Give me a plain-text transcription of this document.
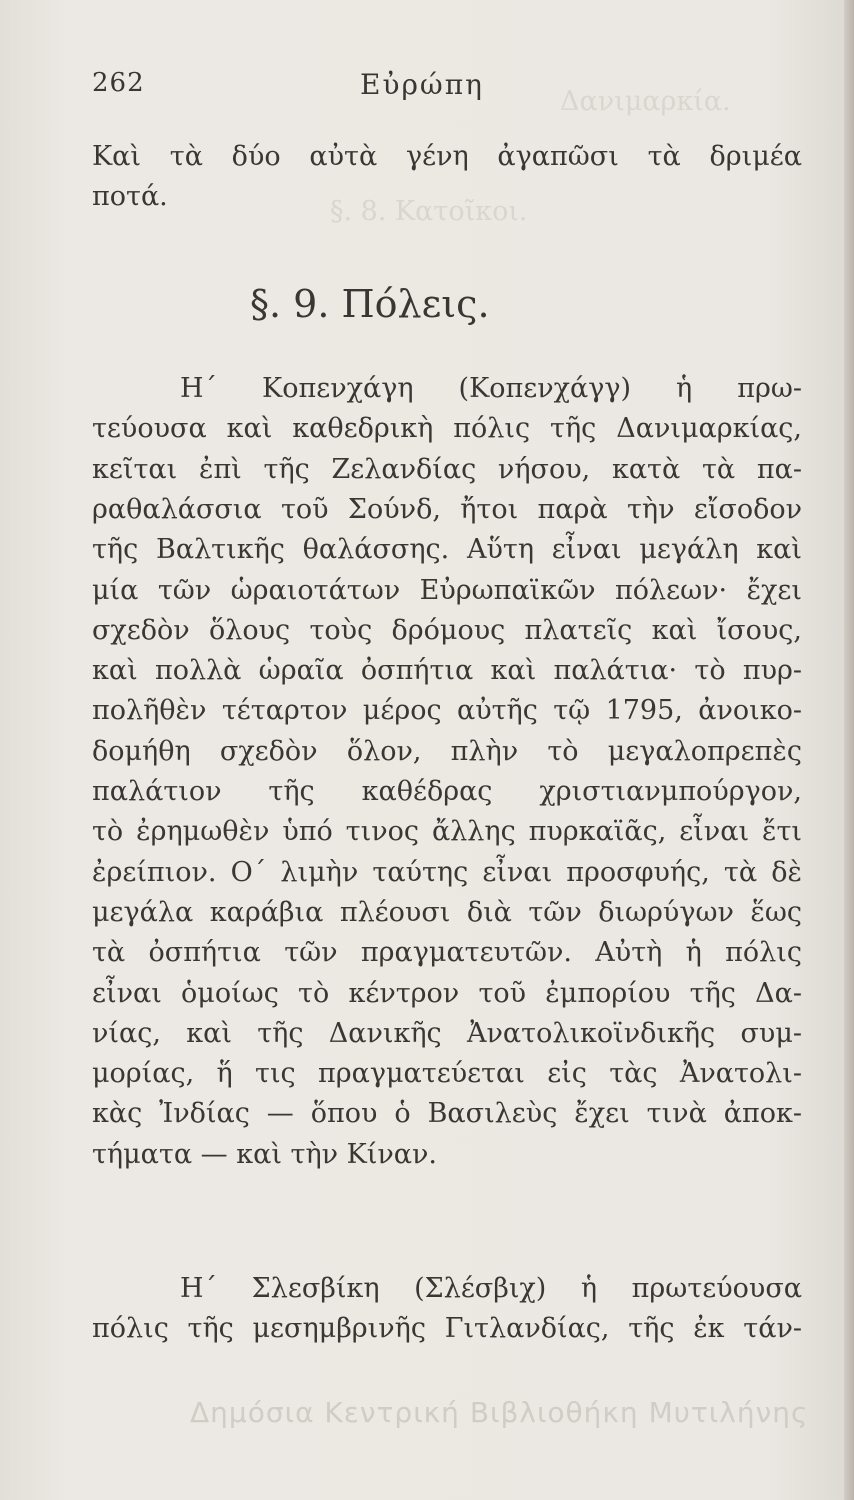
Δανιμαρκία.
§. 8. Κατοῖκοι.
262	Εὐρώπη
Καὶ τὰ δύο αὐτὰ γένη ἀγαπῶσι τὰ δριμέα
ποτά.
§. 9. Πόλεις.
Η΄ Κοπενχάγη (Κοπενχάγγ) ἡ πρω-
τεύουσα καὶ καθεδρικὴ πόλις τῆς Δανιμαρκίας,
κεῖται ἐπὶ τῆς Ζελανδίας νήσου, κατὰ τὰ πα-
ραθαλάσσια τοῦ Σούνδ, ἤτοι παρὰ τὴν εἴσοδον
τῆς Βαλτικῆς θαλάσσης. Αὕτη εἶναι μεγάλη καὶ
μία τῶν ὡραιοτάτων Εὐρωπαϊκῶν πόλεων· ἔχει
σχεδὸν ὅλους τοὺς δρόμους πλατεῖς καὶ ἴσους,
καὶ πολλὰ ὡραῖα ὀσπήτια καὶ παλάτια· τὸ πυρ-
πολῆθὲν τέταρτον μέρος αὐτῆς τῷ 1795, ἀνοικο-
δομήθη σχεδὸν ὅλον, πλὴν τὸ μεγαλοπρεπὲς
παλάτιον τῆς καθέδρας χριστιανμπούργον,
τὸ ἐρημωθὲν ὑπό τινος ἄλλης πυρκαϊᾶς, εἶναι ἔτι
ἐρείπιον. Ο΄ λιμὴν ταύτης εἶναι προσφυής, τὰ δὲ
μεγάλα καράβια πλέουσι διὰ τῶν διωρύγων ἕως
τὰ ὀσπήτια τῶν πραγματευτῶν. Αὐτὴ ἡ πόλις
εἶναι ὁμοίως τὸ κέντρον τοῦ ἐμπορίου τῆς Δα-
νίας, καὶ τῆς Δανικῆς Ἀνατολικοϊνδικῆς συμ-
μορίας, ἥ τις πραγματεύεται εἰς τὰς Ἀνατολι-
κὰς Ἰνδίας — ὅπου ὁ Βασιλεὺς ἔχει τινὰ ἀποκ-
τήματα — καὶ τὴν Κίναν.
Η΄ Σλεσβίκη (Σλέσβιχ) ἡ πρωτεύουσα
πόλις τῆς μεσημβρινῆς Γιτλανδίας, τῆς ἐκ τάν-
Δημόσια Κεντρική Βιβλιοθήκη Μυτιλήνης
